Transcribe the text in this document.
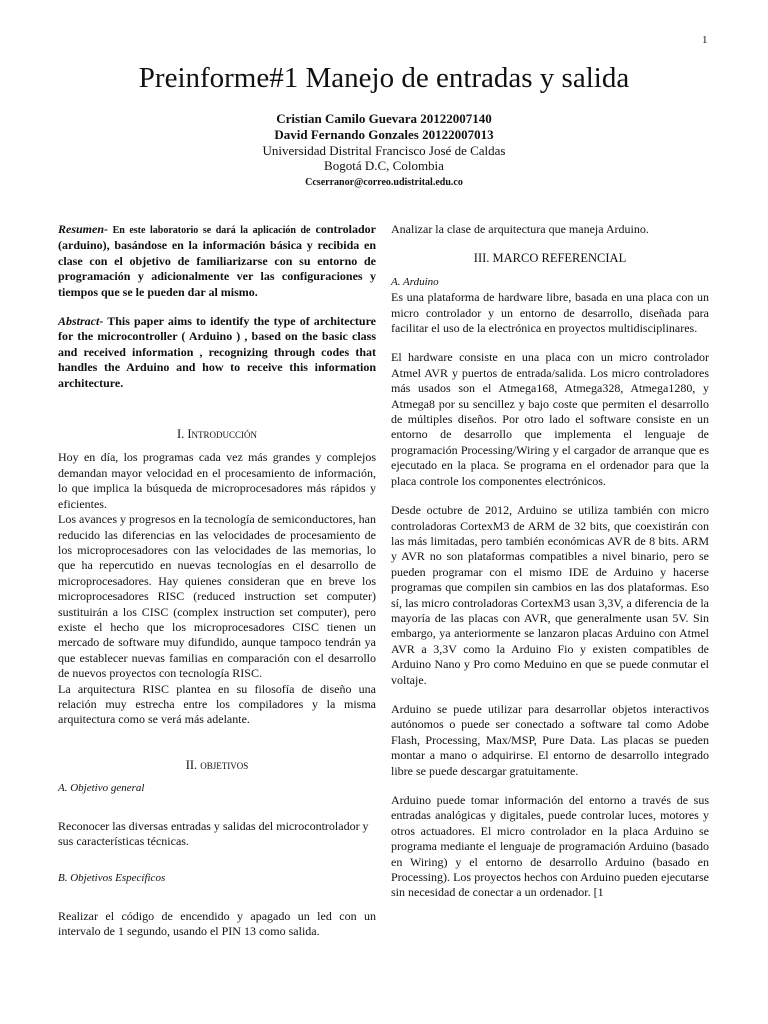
1
Preinforme#1 Manejo de entradas y salida
Cristian Camilo Guevara 20122007140
David Fernando Gonzales 20122007013
Universidad Distrital Francisco José de Caldas
Bogotá D.C, Colombia
Ccserranor@correo.udistrital.edu.co

Resumen- En este laboratorio se dará la aplicación de controlador (arduino), basándose en la información básica y recibida en clase con el objetivo de familiarizarse con su entorno de programación y adicionalmente ver las configuraciones y tiempos que se le pueden dar al mismo.

Abstract- This paper aims to identify the type of architecture for the microcontroller ( Arduino ) , based on the basic class and received information , recognizing through codes that handles the Arduino and how to receive this information architecture.

I. Introducción

Hoy en día, los programas cada vez más grandes y complejos demandan mayor velocidad en el procesamiento de información, lo que implica la búsqueda de microprocesadores más rápidos y eficientes.

Los avances y progresos en la tecnología de semiconductores, han reducido las diferencias en las velocidades de procesamiento de los microprocesadores con las velocidades de las memorias, lo que ha repercutido en nuevas tecnologías en el desarrollo de microprocesadores. Hay quienes consideran que en breve los microprocesadores RISC (reduced instruction set computer) sustituirán a los CISC (complex instruction set computer), pero existe el hecho que los microprocesadores CISC tienen un mercado de software muy difundido, aunque tampoco tendrán ya que establecer nuevas familias en comparación con el desarrollo de nuevos proyectos con tecnología RISC.

La arquitectura RISC plantea en su filosofía de diseño una relación muy estrecha entre los compiladores y la misma arquitectura como se verá más adelante.

II. objetivos
A. Objetivo general

Reconocer las diversas entradas y salidas del microcontrolador y sus características técnicas.

B. Objetivos Específicos

Realizar el código de encendido y apagado un led con un intervalo de 1 segundo, usando el PIN 13 como salida.

Analizar la clase de arquitectura que maneja Arduino.

III. MARCO REFERENCIAL
A. Arduino

Es una plataforma de hardware libre, basada en una placa con un micro controlador y un entorno de desarrollo, diseñada para facilitar el uso de la electrónica en proyectos multidisciplinares.

El hardware consiste en una placa con un micro controlador Atmel AVR y puertos de entrada/salida. Los micro controladores más usados son el Atmega168, Atmega328, Atmega1280, y Atmega8 por su sencillez y bajo coste que permiten el desarrollo de múltiples diseños. Por otro lado el software consiste en un entorno de desarrollo que implementa el lenguaje de programación Processing/Wiring y el cargador de arranque que es ejecutado en la placa. Se programa en el ordenador para que la placa controle los componentes electrónicos.

Desde octubre de 2012, Arduino se utiliza también con micro controladoras CortexM3 de ARM de 32 bits, que coexistirán con las más limitadas, pero también económicas AVR de 8 bits. ARM y AVR no son plataformas compatibles a nivel binario, pero se pueden programar con el mismo IDE de Arduino y hacerse programas que compilen sin cambios en las dos plataformas. Eso sí, las micro controladoras CortexM3 usan 3,3V, a diferencia de la mayoría de las placas con AVR, que generalmente usan 5V. Sin embargo, ya anteriormente se lanzaron placas Arduino con Atmel AVR a 3,3V como la Arduino Fio y existen compatibles de Arduino Nano y Pro como Meduino en que se puede conmutar el voltaje.

Arduino se puede utilizar para desarrollar objetos interactivos autónomos o puede ser conectado a software tal como Adobe Flash, Processing, Max/MSP, Pure Data. Las placas se pueden montar a mano o adquirirse. El entorno de desarrollo integrado libre se puede descargar gratuitamente.

Arduino puede tomar información del entorno a través de sus entradas analógicas y digitales, puede controlar luces, motores y otros actuadores. El micro controlador en la placa Arduino se programa mediante el lenguaje de programación Arduino (basado en Wiring) y el entorno de desarrollo Arduino (basado en Processing). Los proyectos hechos con Arduino pueden ejecutarse sin necesidad de conectar a un ordenador. [1
